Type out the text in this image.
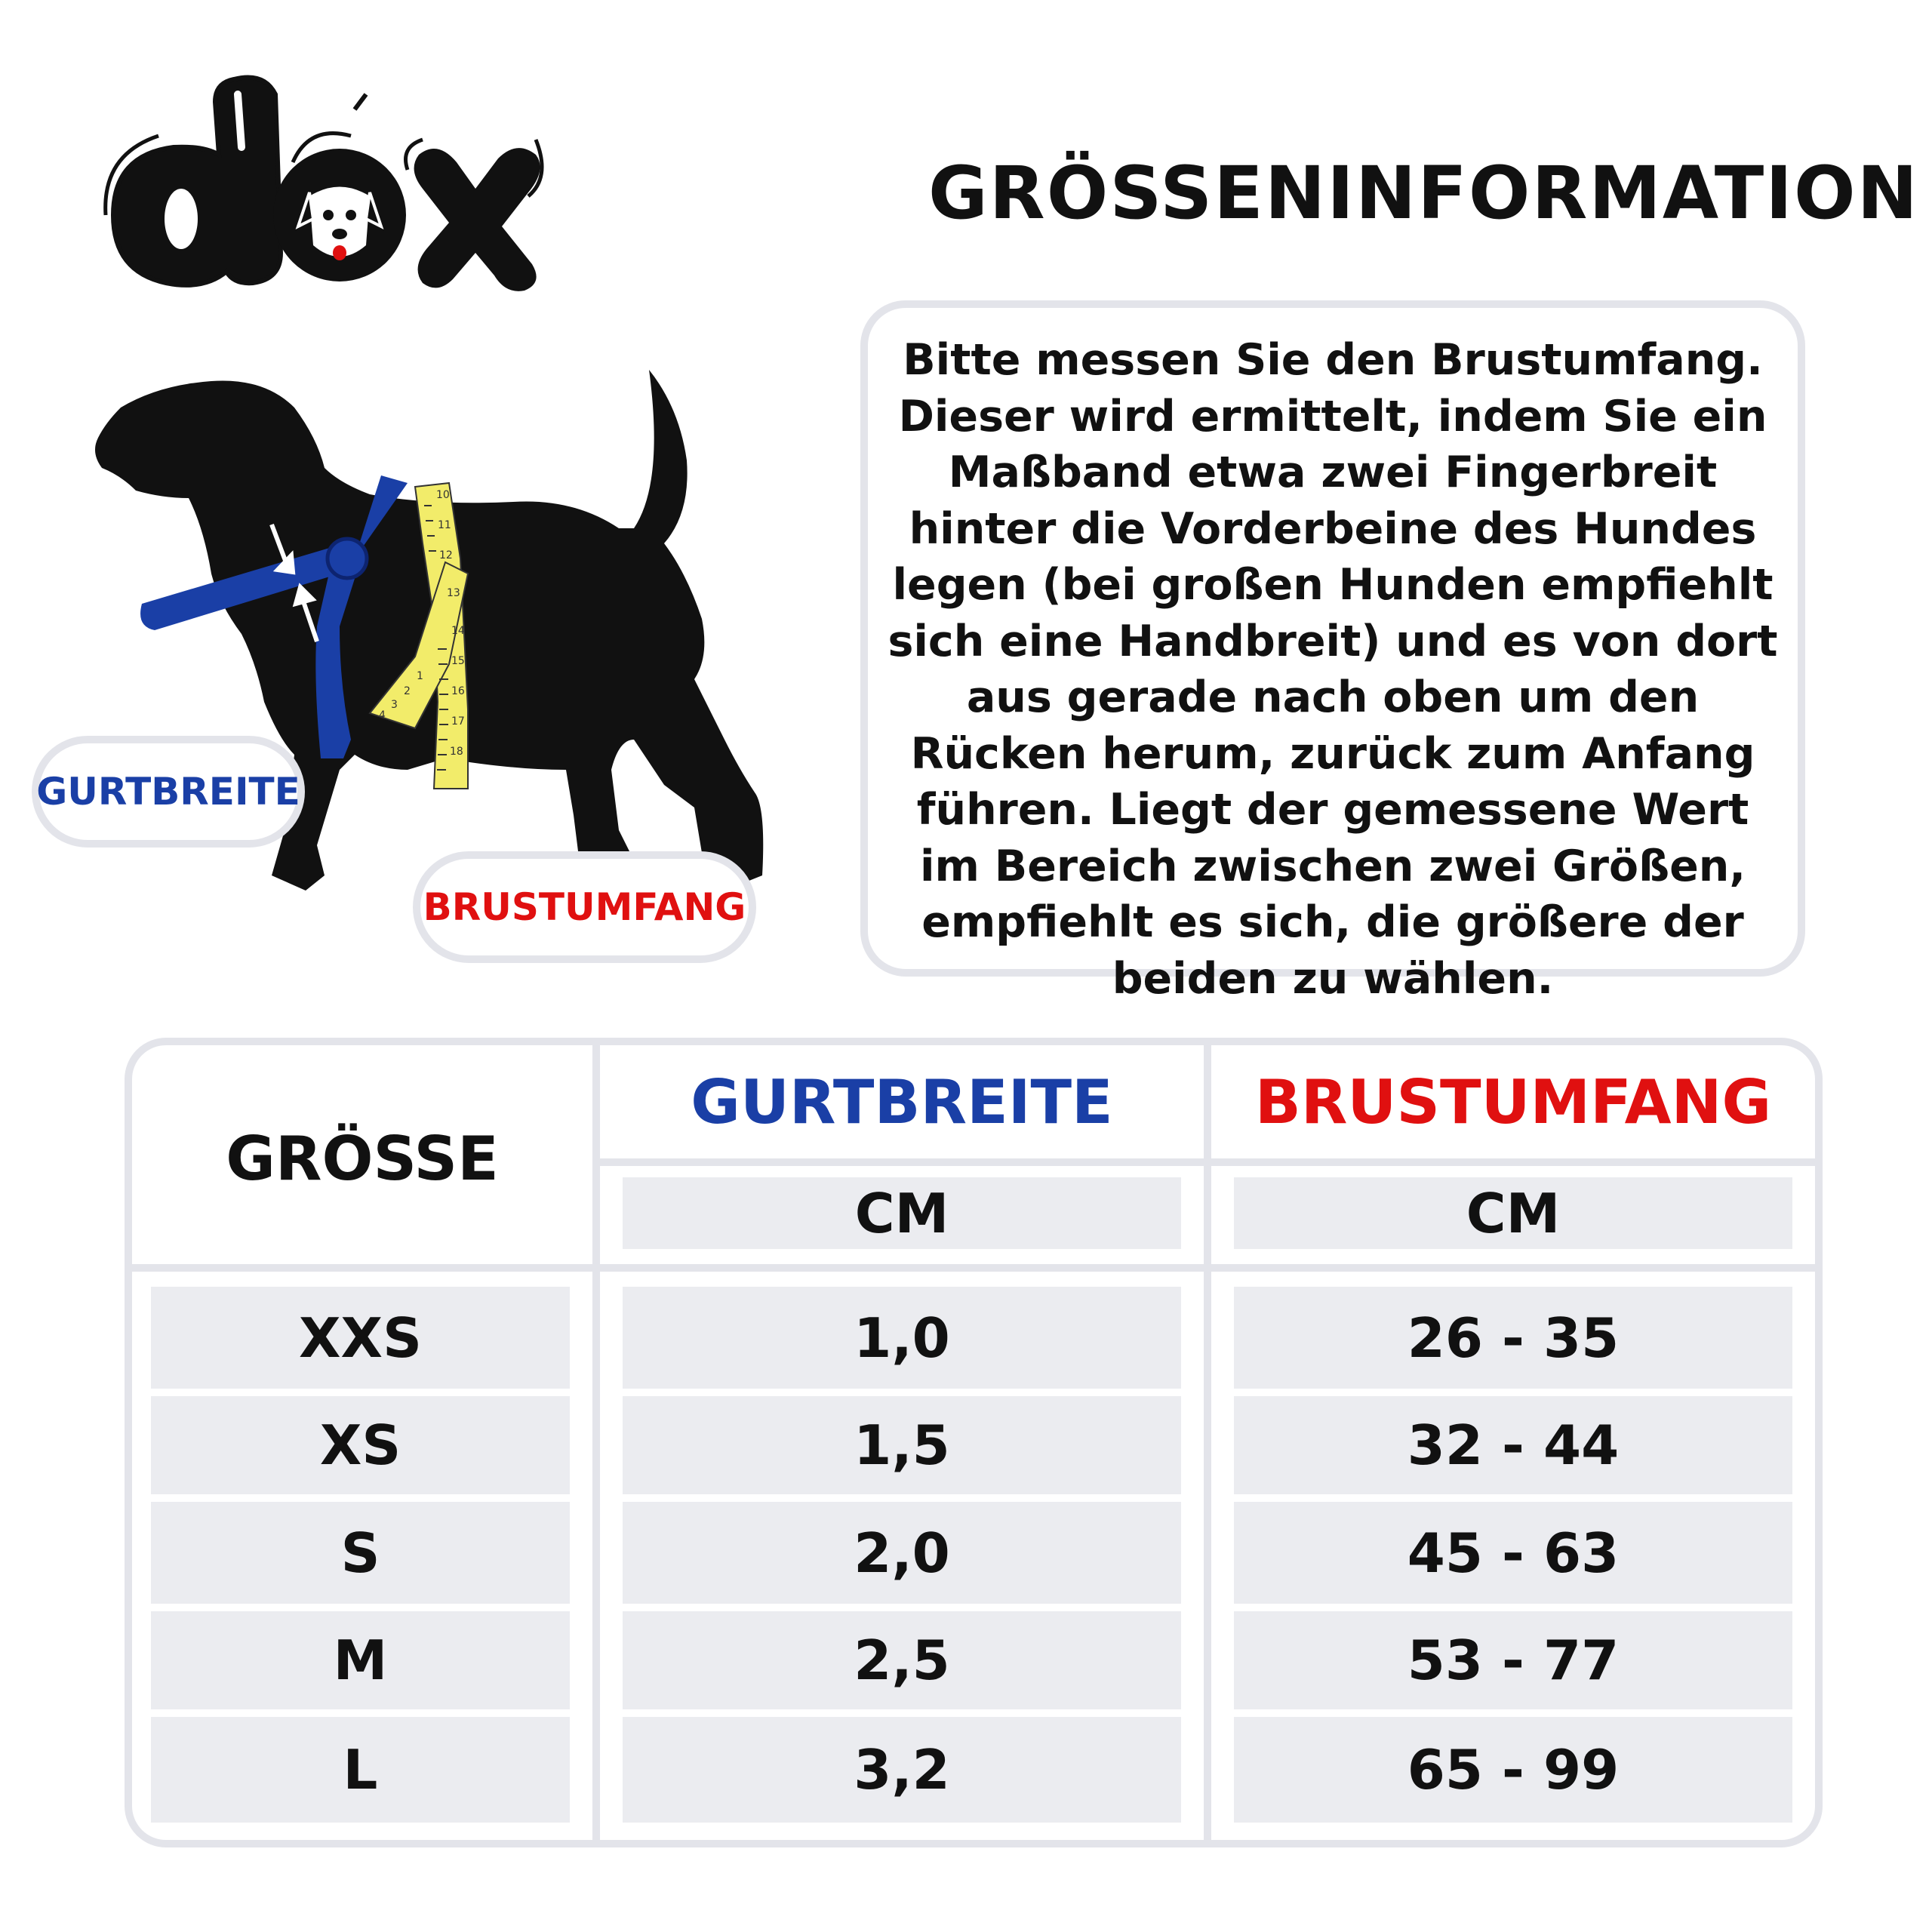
GRÖSSENINFORMATION
Bitte messen Sie den Brustumfang. Dieser wird ermittelt, indem Sie ein Maßband etwa zwei Fingerbreit hinter die Vorderbeine des Hundes legen (bei großen Hunden empfiehlt sich eine Handbreit) und es von dort aus gerade nach oben um den Rücken herum, zurück zum Anfang führen. Liegt der gemessene Wert im Bereich zwischen zwei Größen, empfiehlt es sich, die größere der beiden zu wählen.
10
11
12
13
14
15
16
17
18
1
2
3
4
GURTBREITE
BRUSTUMFANG
GRÖSSE
GURTBREITE	BRUSTUMFANG
CM	CM
XXS	1,0	26 - 35
XS	1,5	32 - 44
S	2,0	45 - 63
M	2,5	53 - 77
L	3,2	65 - 99
